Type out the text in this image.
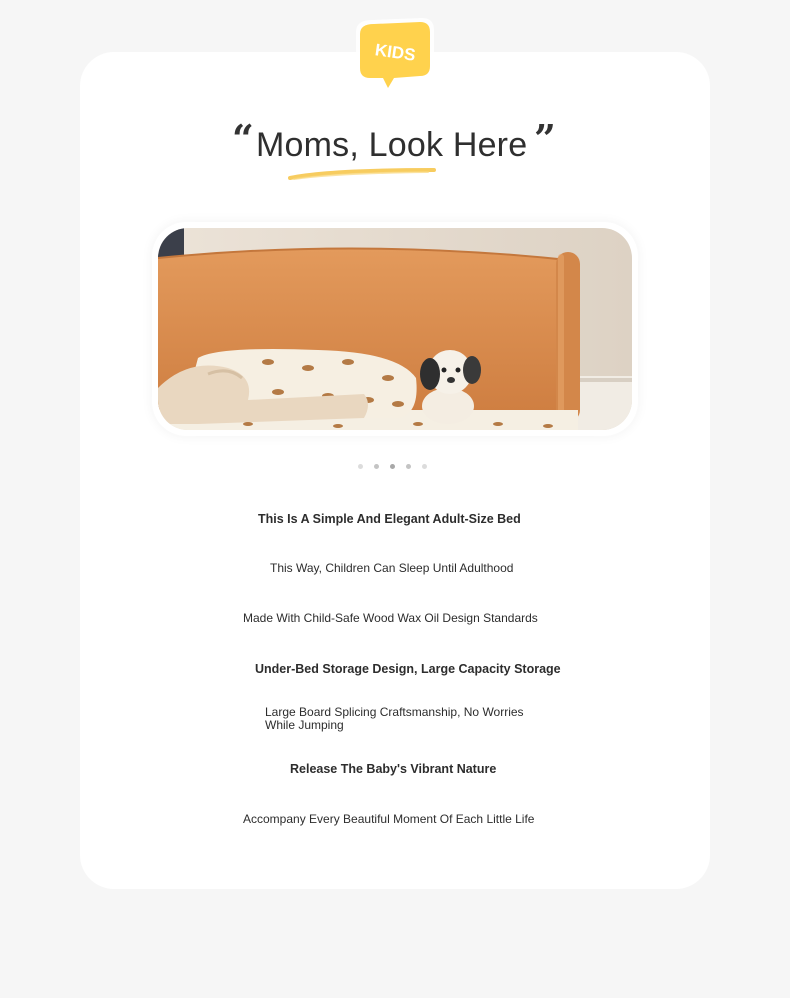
KIDS
“ Moms, Look Here ”
This Is A Simple And Elegant Adult-Size Bed
This Way, Children Can Sleep Until Adulthood
Made With Child-Safe Wood Wax Oil Design Standards
Under-Bed Storage Design, Large Capacity Storage
Large Board Splicing Craftsmanship, No Worries While Jumping
Release The Baby's Vibrant Nature
Accompany Every Beautiful Moment Of Each Little Life
